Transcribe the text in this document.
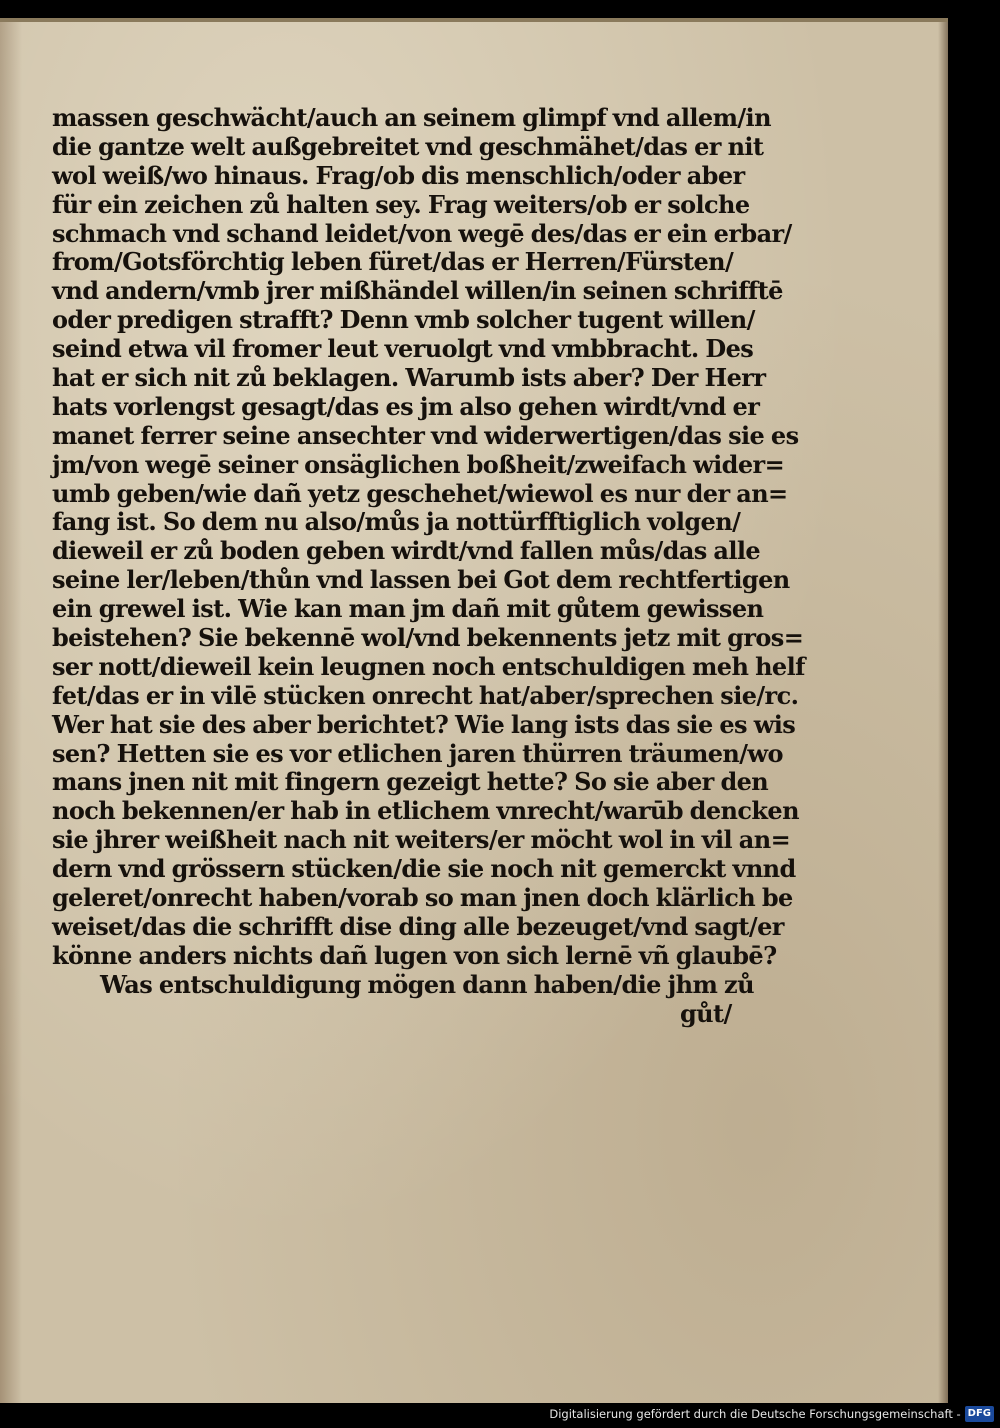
massen geschwächt/auch an seinem glimpf vnd allem/in
die gantze welt außgebreitet vnd geschmähet/das er nit
wol weiß/wo hinaus. Frag/ob dis menschlich/oder aber
für ein zeichen zů halten sey. Frag weiters/ob er solche
schmach vnd schand leidet/von wegē des/das er ein erbar/
from/Gotsförchtig leben füret/das er Herren/Fürsten/
vnd andern/vmb jrer mißhändel willen/in seinen schrifftē
oder predigen strafft? Denn vmb solcher tugent willen/
seind etwa vil fromer leut veruolgt vnd vmbbracht. Des
hat er sich nit zů beklagen. Warumb ists aber? Der Herr
hats vorlengst gesagt/das es jm also gehen wirdt/vnd er
manet ferrer seine ansechter vnd widerwertigen/das sie es
jm/von wegē seiner onsäglichen boßheit/zweifach wider=
umb geben/wie dañ yetz geschehet/wiewol es nur der an=
fang ist. So dem nu also/můs ja nottürfftiglich volgen/
dieweil er zů boden geben wirdt/vnd fallen můs/das alle
seine ler/leben/thůn vnd lassen bei Got dem rechtfertigen
ein grewel ist. Wie kan man jm dañ mit gůtem gewissen
beistehen? Sie bekennē wol/vnd bekennents jetz mit gros=
ser nott/dieweil kein leugnen noch entschuldigen meh helf
fet/das er in vilē stücken onrecht hat/aber/sprechen sie/rc.
Wer hat sie des aber berichtet? Wie lang ists das sie es wis
sen? Hetten sie es vor etlichen jaren thürren träumen/wo
mans jnen nit mit fingern gezeigt hette? So sie aber den
noch bekennen/er hab in etlichem vnrecht/warūb dencken
sie jhrer weißheit nach nit weiters/er möcht wol in vil an=
dern vnd grössern stücken/die sie noch nit gemerckt vnnd
geleret/onrecht haben/vorab so man jnen doch klärlich be
weiset/das die schrifft dise ding alle bezeuget/vnd sagt/er
könne anders nichts dañ lugen von sich lernē vñ glaubē?
Was entschuldigung mögen dann haben/die jhm zů
gůt/
Digitalisierung gefördert durch die Deutsche Forschungsgemeinschaft - DFG
